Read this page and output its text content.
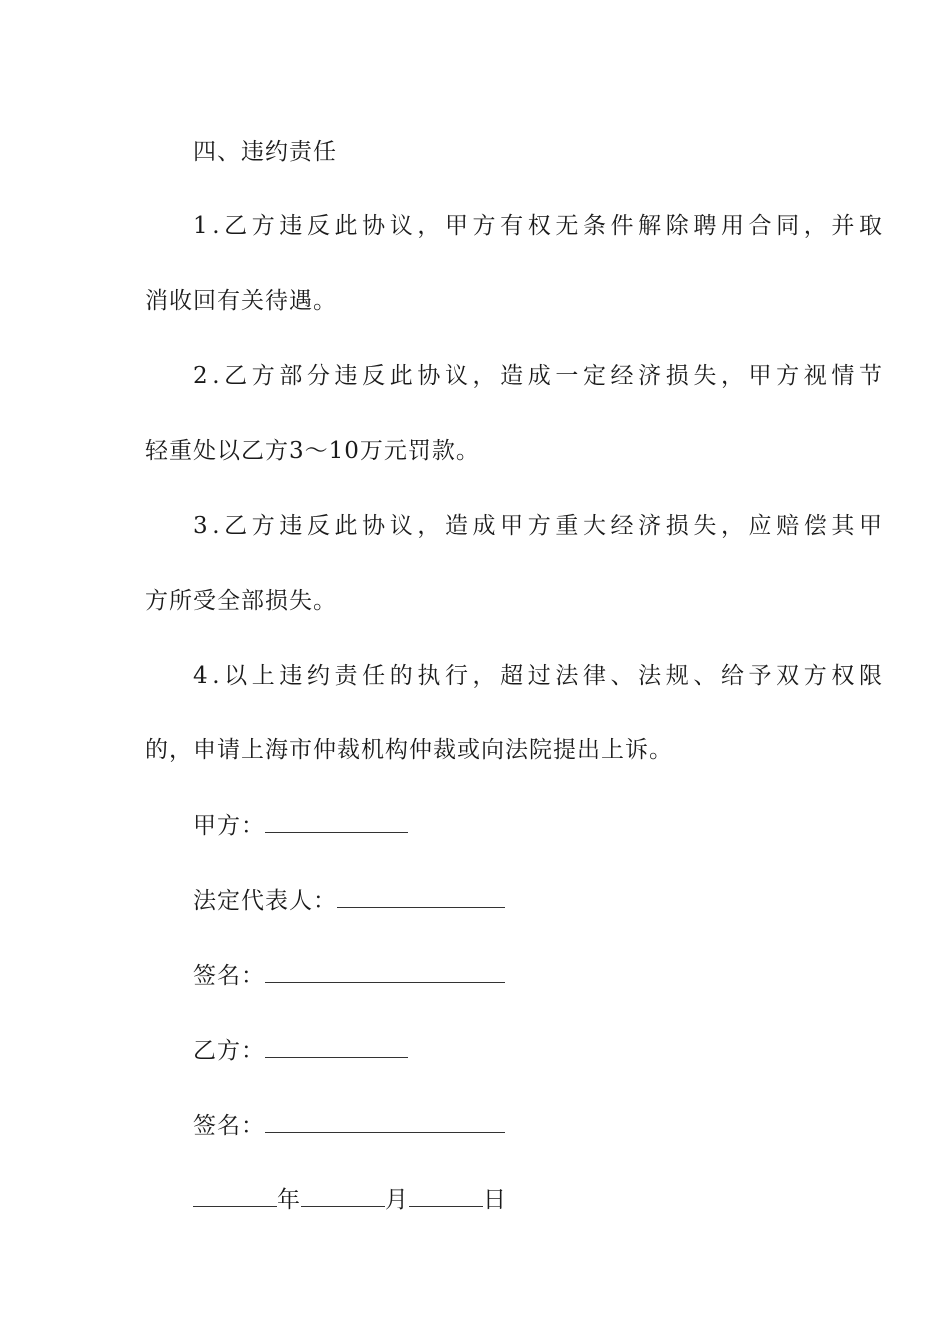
四、违约责任
1.乙方违反此协议，甲方有权无条件解除聘用合同，并取
消收回有关待遇。
2.乙方部分违反此协议，造成一定经济损失，甲方视情节
轻重处以乙方3～10万元罚款。
3.乙方违反此协议，造成甲方重大经济损失，应赔偿其甲
方所受全部损失。
4.以上违约责任的执行，超过法律、法规、给予双方权限
的，申请上海市仲裁机构仲裁或向法院提出上诉。
甲方：
法定代表人：
签名：
乙方：
签名：
年	月	日
